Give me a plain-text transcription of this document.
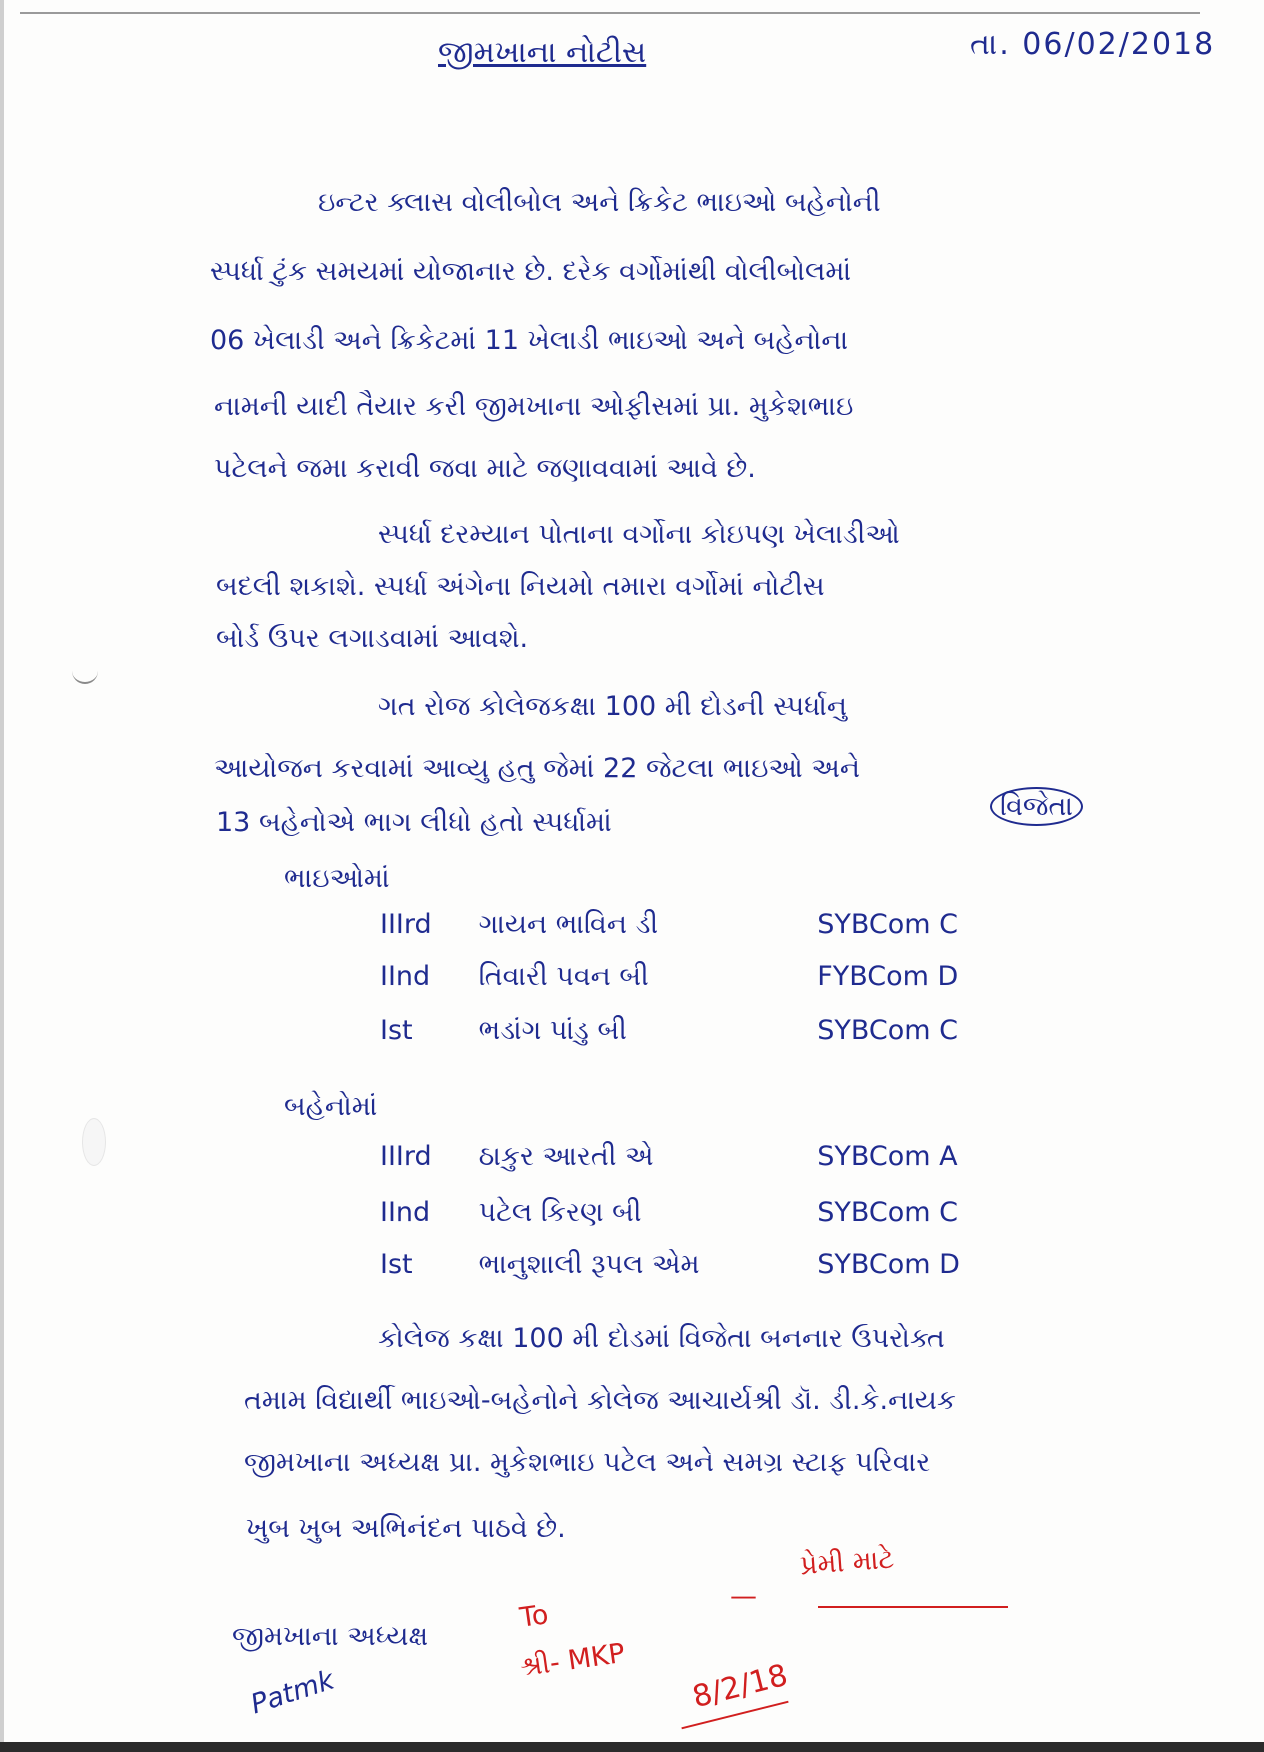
જીમખાના નોટીસ	તા. 06/02/2018
ઇન્ટર ક્લાસ વોલીબોલ અને ક્રિકેટ ભાઇઓ બહેનોની
સ્પર્ધા ટુંક સમયમાં યોજાનાર છે. દરેક વર્ગોમાંથી વોલીબોલમાં
06 ખેલાડી અને ક્રિકેટમાં 11 ખેલાડી ભાઇઓ અને બહેનોના
નામની યાદી તૈયાર કરી જીમખાના ઓફીસમાં પ્રા. મુકેશભાઇ
પટેલને જમા કરાવી જવા માટે જણાવવામાં આવે છે.
સ્પર્ધા દરમ્યાન પોતાના વર્ગોના કોઇપણ ખેલાડીઓ
બદલી શકાશે. સ્પર્ધા અંગેના નિયમો તમારા વર્ગોમાં નોટીસ
બોર્ડ ઉપર લગાડવામાં આવશે.
ગત રોજ કોલેજકક્ષા 100 મી દોડની સ્પર્ધાનુ
આયોજન કરવામાં આવ્યુ હતુ જેમાં 22 જેટલા ભાઇઓ અને
13 બહેનોએ ભાગ લીધો હતો સ્પર્ધામાં
વિજેતા
ભાઇઓમાં
IIIrd ગાયન ભાવિન ડી	SYBCom C
IInd તિવારી પવન બી	FYBCom D
Ist ભડાંગ પાંડુ બી	SYBCom C
બહેનોમાં
IIIrd ઠાકુર આરતી એ	SYBCom A
IInd પટેલ કિરણ બી	SYBCom C
Ist ભાનુશાલી રૂપલ એમ	SYBCom D
કોલેજ કક્ષા 100 મી દોડમાં વિજેતા બનનાર ઉપરોક્ત
તમામ વિદ્યાર્થી ભાઇઓ-બહેનોને કોલેજ આચાર્યશ્રી ડૉ. ડી.કે.નાયક
જીમખાના અધ્યક્ષ પ્રા. મુકેશભાઇ પટેલ અને સમગ્ર સ્ટાફ પરિવાર
ખુબ ખુબ અભિનંદન પાઠવે છે.
જીમખાના અધ્યક્ષ
Patmk
To
શ્રી- MKP
—
પ્રેમી માટે
8/2/18
